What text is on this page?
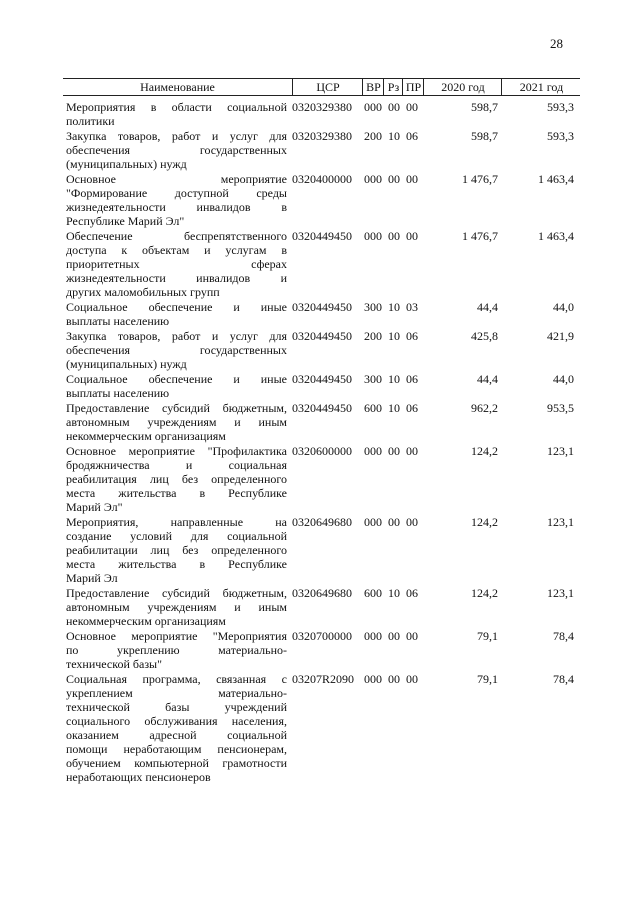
28
Наименование	ЦСР	ВР Рз ПР	2020 год	2021 год
Мероприятия в области социальной
политики
0320329380 000 00 00	598,7	593,3
Закупка товаров, работ и услуг для
обеспечения государственных
(муниципальных) нужд
0320329380 200 10 06	598,7	593,3
Основное мероприятие
"Формирование доступной среды
жизнедеятельности инвалидов в
Республике Марий Эл"
0320400000 000 00 00	1 476,7	1 463,4
Обеспечение беспрепятственного
доступа к объектам и услугам в
приоритетных сферах
жизнедеятельности инвалидов и
других маломобильных групп
0320449450 000 00 00	1 476,7	1 463,4
Социальное обеспечение и иные
выплаты населению
0320449450 300 10 03	44,4	44,0
Закупка товаров, работ и услуг для
обеспечения государственных
(муниципальных) нужд
0320449450 200 10 06	425,8	421,9
Социальное обеспечение и иные
выплаты населению
0320449450 300 10 06	44,4	44,0
Предоставление субсидий бюджетным,
автономным учреждениям и иным
некоммерческим организациям
0320449450 600 10 06	962,2	953,5
Основное мероприятие "Профилактика
бродяжничества и социальная
реабилитация лиц без определенного
места жительства в Республике
Марий Эл"
0320600000 000 00 00	124,2	123,1
Мероприятия, направленные на
создание условий для социальной
реабилитации лиц без определенного
места жительства в Республике
Марий Эл
0320649680 000 00 00	124,2	123,1
Предоставление субсидий бюджетным,
автономным учреждениям и иным
некоммерческим организациям
0320649680 600 10 06	124,2	123,1
Основное мероприятие "Мероприятия
по укреплению материально-
технической базы"
0320700000 000 00 00	79,1	78,4
Социальная программа, связанная с
укреплением материально-
технической базы учреждений
социального обслуживания населения,
оказанием адресной социальной
помощи неработающим пенсионерам,
обучением компьютерной грамотности
неработающих пенсионеров
03207R2090 000 00 00	79,1	78,4
